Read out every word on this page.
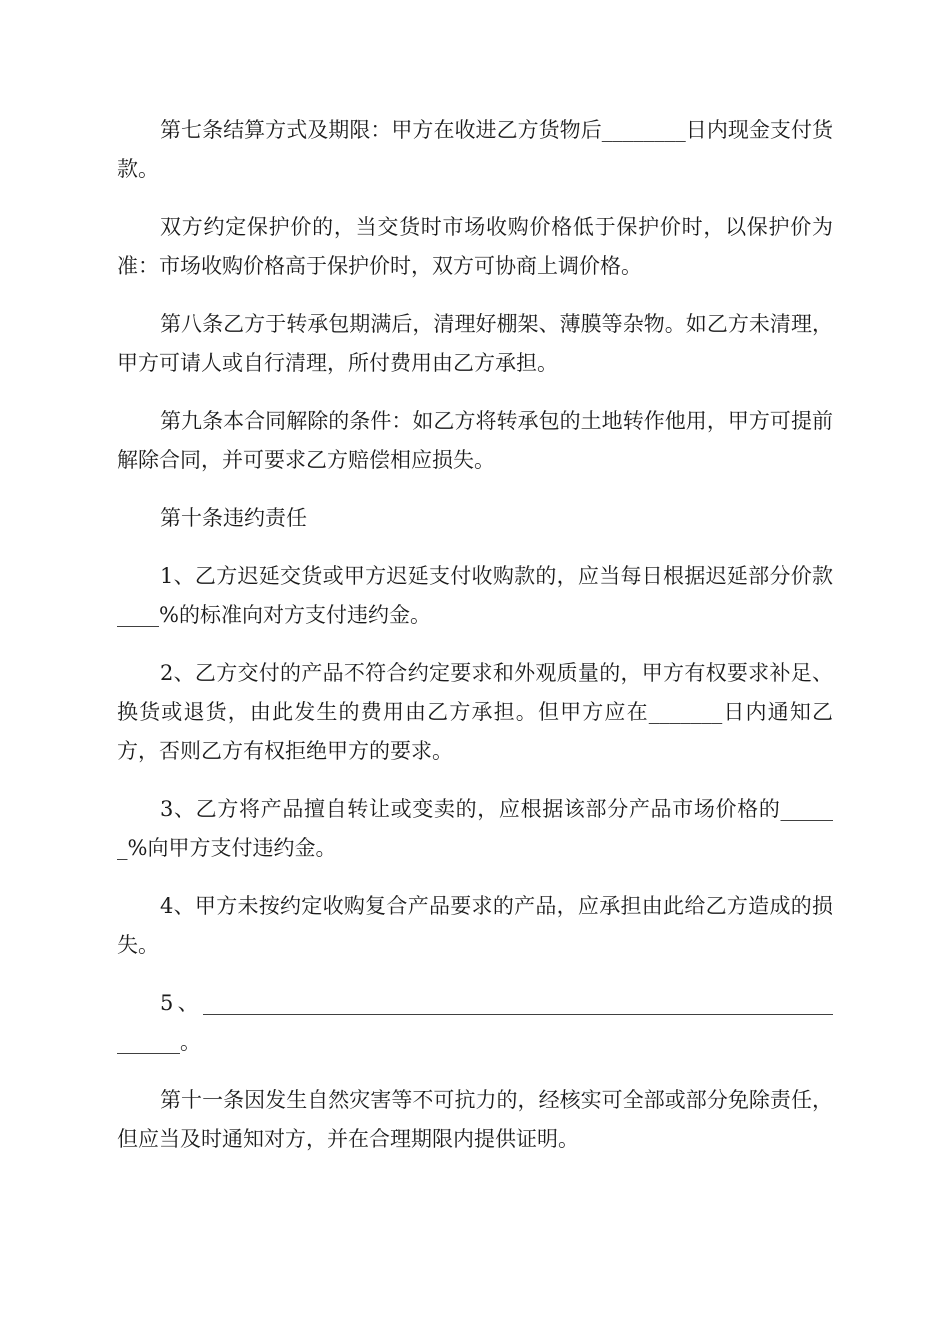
第七条结算方式及期限：甲方在收进乙方货物后________日内现金支付货款。

双方约定保护价的，当交货时市场收购价格低于保护价时，以保护价为准：市场收购价格高于保护价时，双方可协商上调价格。

第八条乙方于转承包期满后，清理好棚架、薄膜等杂物。如乙方未清理，甲方可请人或自行清理，所付费用由乙方承担。

第九条本合同解除的条件：如乙方将转承包的土地转作他用，甲方可提前解除合同，并可要求乙方赔偿相应损失。

第十条违约责任

1、乙方迟延交货或甲方迟延支付收购款的，应当每日根据迟延部分价款____%的标准向对方支付违约金。

2、乙方交付的产品不符合约定要求和外观质量的，甲方有权要求补足、换货或退货，由此发生的费用由乙方承担。但甲方应在_______日内通知乙方，否则乙方有权拒绝甲方的要求。

3、乙方将产品擅自转让或变卖的，应根据该部分产品市场价格的______%向甲方支付违约金。

4、甲方未按约定收购复合产品要求的产品，应承担由此给乙方造成的损失。

5、__________________________________________________________________。

第十一条因发生自然灾害等不可抗力的，经核实可全部或部分免除责任，但应当及时通知对方，并在合理期限内提供证明。
